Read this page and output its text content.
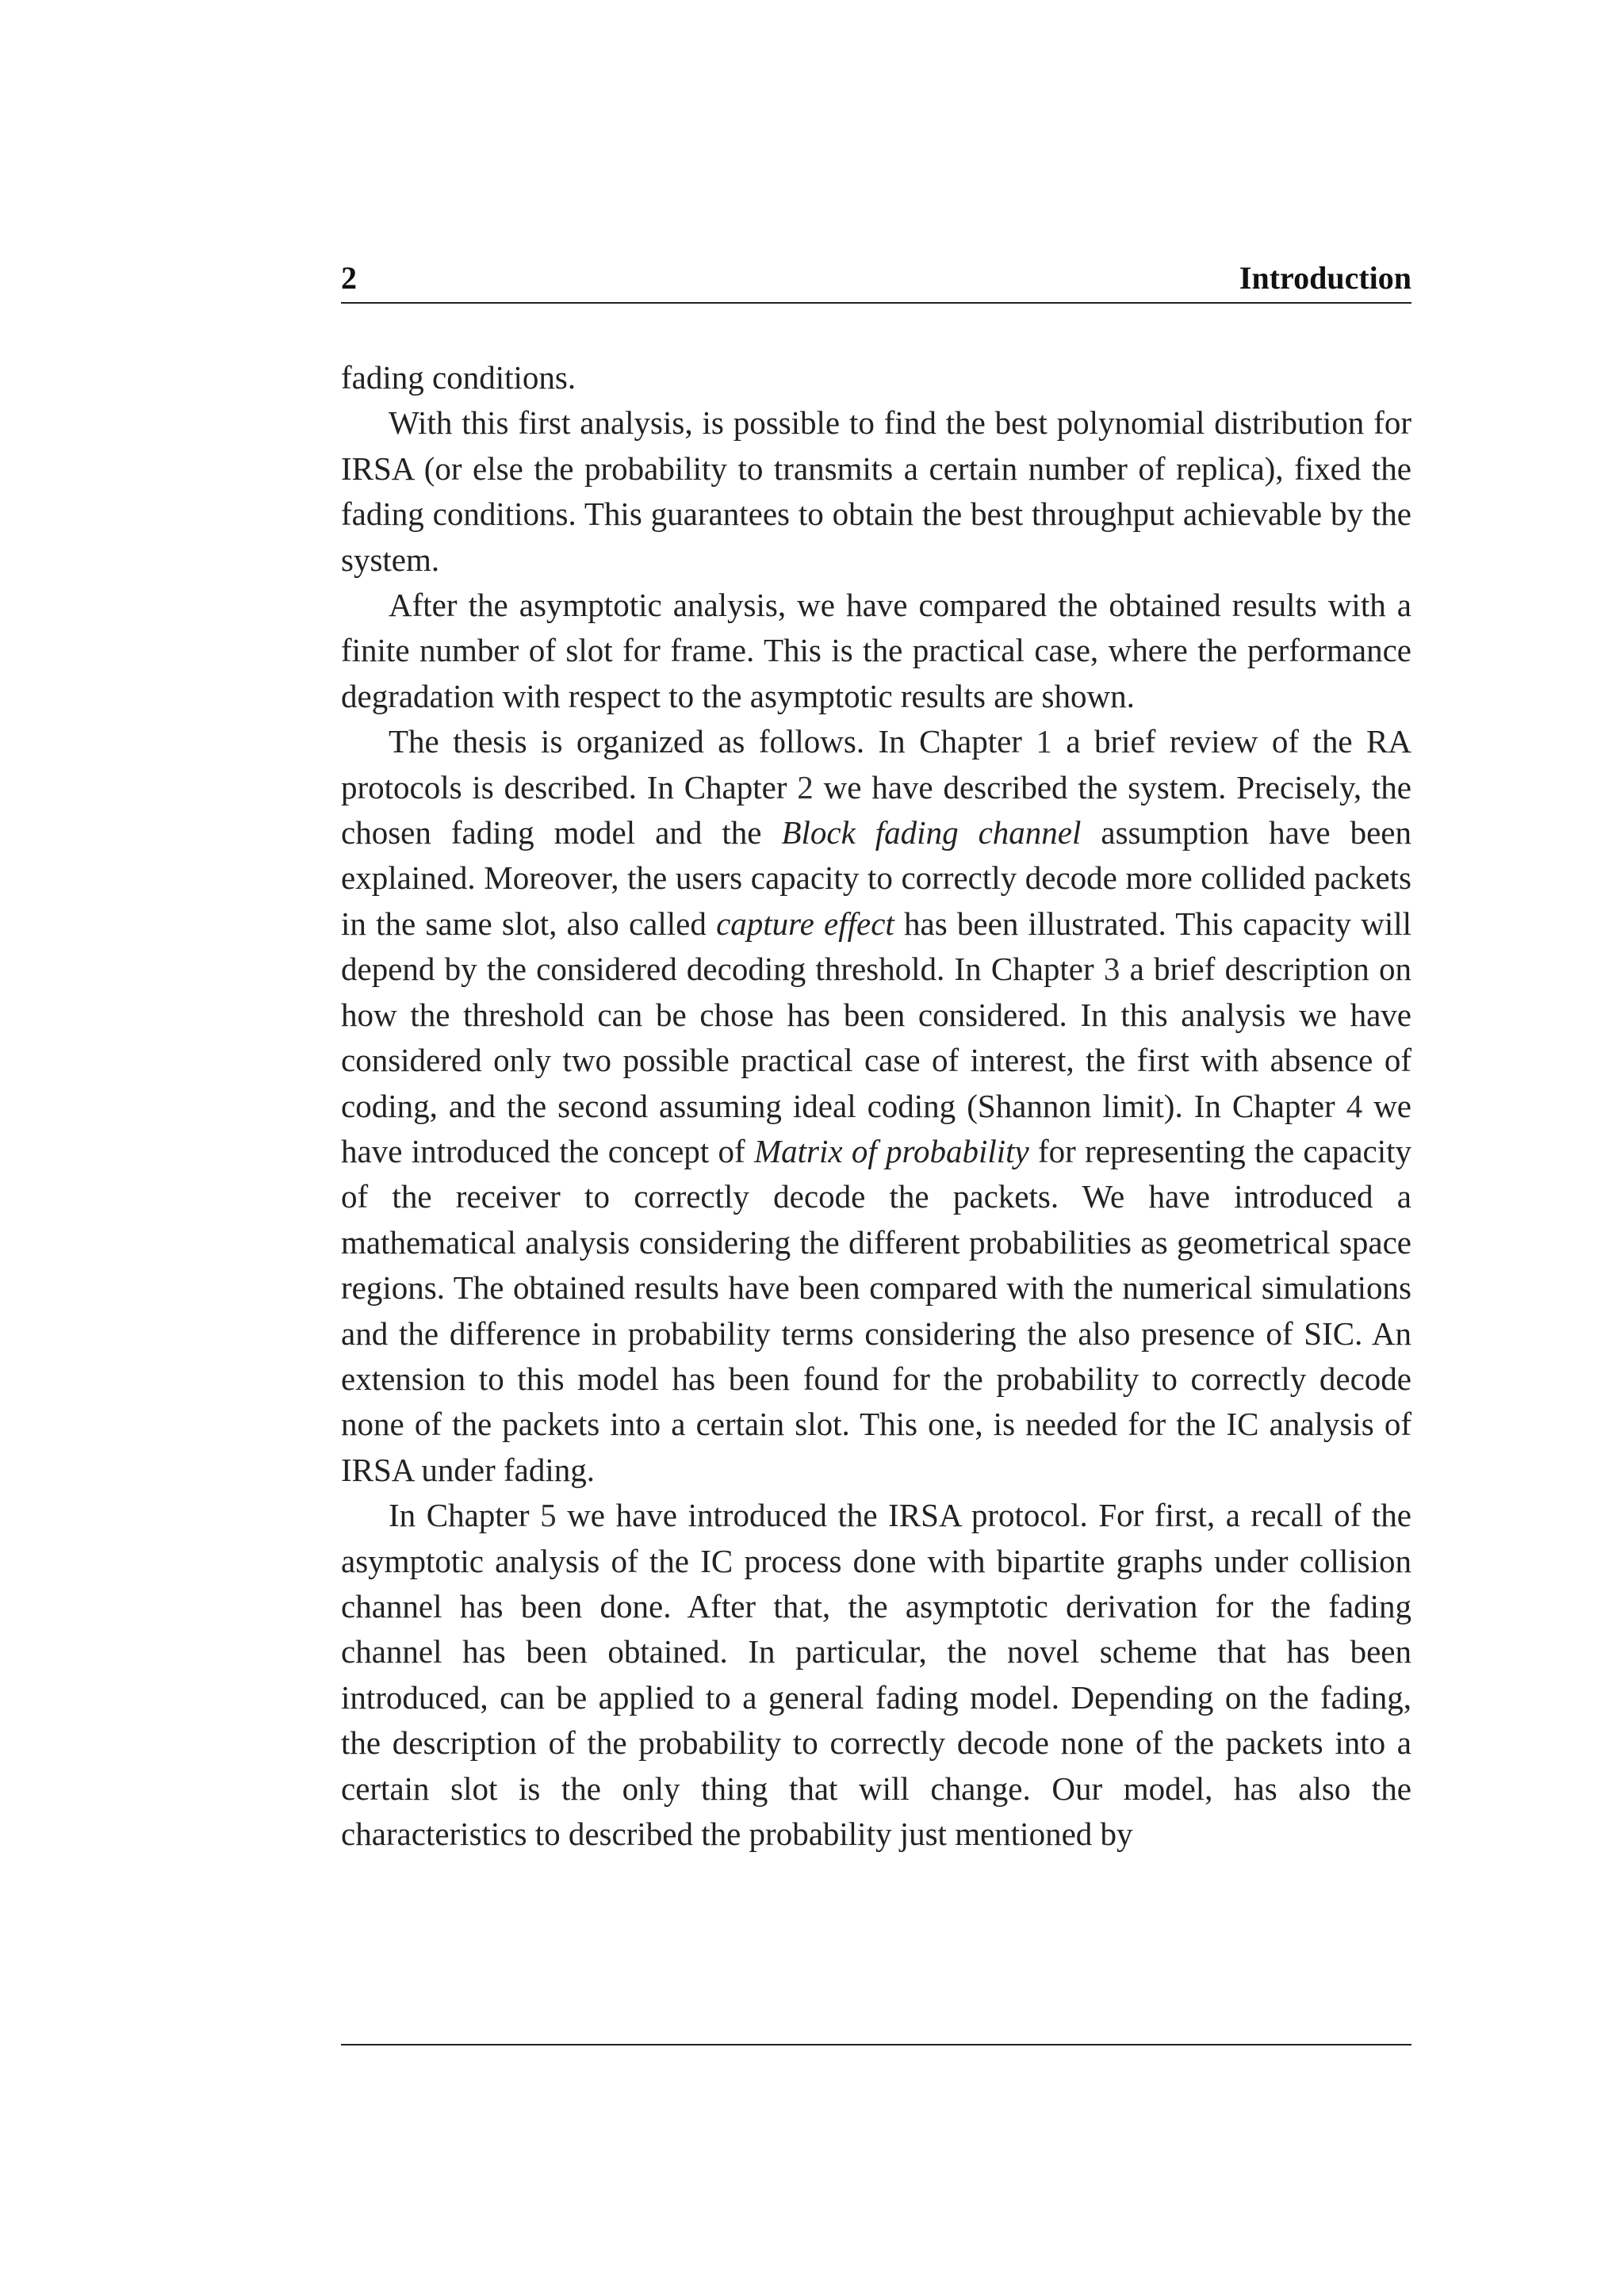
2	Introduction

fading conditions.

With this first analysis, is possible to find the best polynomial distribution for IRSA (or else the probability to transmits a certain number of replica), fixed the fading conditions. This guarantees to obtain the best throughput achievable by the system.

After the asymptotic analysis, we have compared the obtained results with a finite number of slot for frame. This is the practical case, where the performance degradation with respect to the asymptotic results are shown.

The thesis is organized as follows. In Chapter 1 a brief review of the RA protocols is described. In Chapter 2 we have described the system. Precisely, the chosen fading model and the Block fading channel assumption have been explained. Moreover, the users capacity to correctly decode more collided packets in the same slot, also called capture effect has been illustrated. This capacity will depend by the considered decoding threshold. In Chapter 3 a brief description on how the threshold can be chose has been considered. In this analysis we have considered only two possible practical case of interest, the first with absence of coding, and the second assuming ideal coding (Shannon limit). In Chapter 4 we have introduced the concept of Matrix of probability for representing the capacity of the receiver to correctly decode the packets. We have introduced a mathematical analysis considering the different probabilities as geometrical space regions. The obtained results have been compared with the numerical simulations and the difference in probability terms considering the also presence of SIC. An extension to this model has been found for the probability to correctly decode none of the packets into a certain slot. This one, is needed for the IC analysis of IRSA under fading.

In Chapter 5 we have introduced the IRSA protocol. For first, a recall of the asymptotic analysis of the IC process done with bipartite graphs under collision channel has been done. After that, the asymptotic derivation for the fading channel has been obtained. In particular, the novel scheme that has been introduced, can be applied to a general fading model. Depending on the fading, the description of the probability to correctly decode none of the packets into a certain slot is the only thing that will change. Our model, has also the characteristics to described the probability just mentioned by
